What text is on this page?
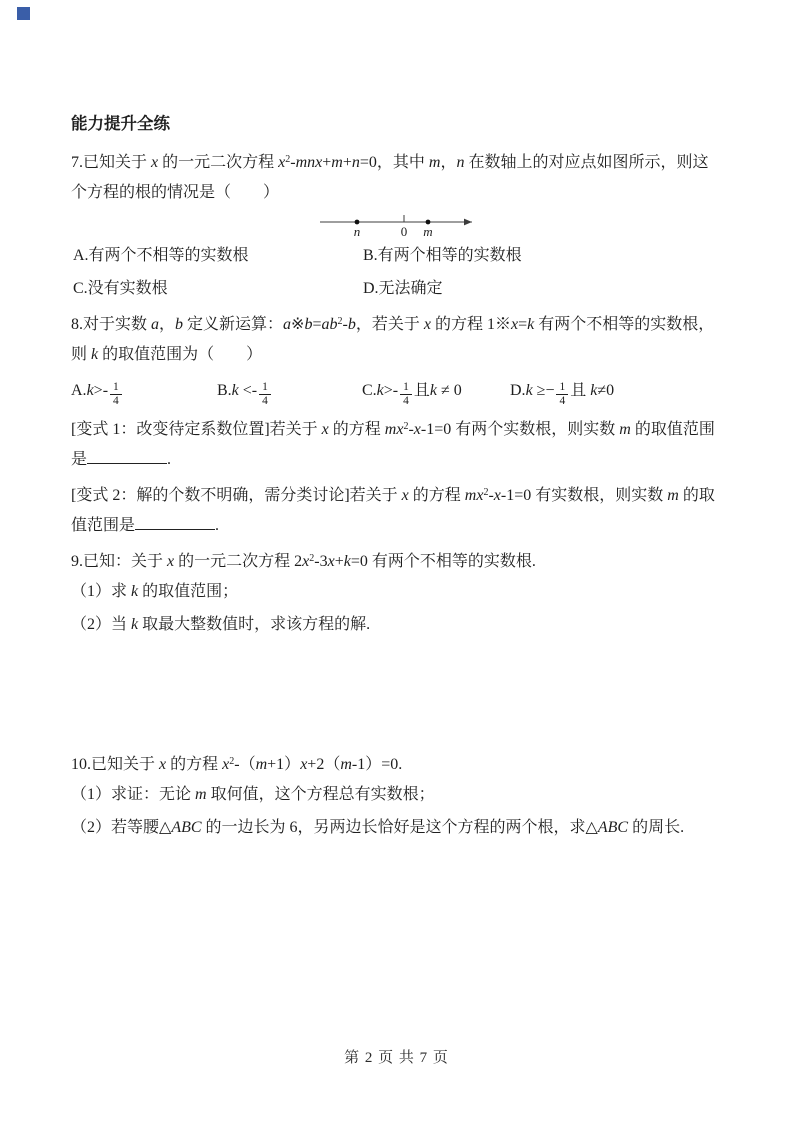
能力提升全练
7.已知关于 x 的一元二次方程 $x^2-mnx+m+n=0$，其中 m，n 在数轴上的对应点如图所示，则这
个方程的根的情况是（　　）
n	0 m
A.有两个不相等的实数根	B.有两个相等的实数根
C.没有实数根	D.无法确定
8.对于实数 a，b 定义新运算：$a※b=ab^2-b$，若关于 x 的方程 1※x=k 有两个不相等的实数根，
则 k 的取值范围为（　　）
$A.k>- \frac{1}{4}$	$B.k <- \frac{1}{4}$	$C.k>- \frac{1}{4}$ 且k ≠ 0	$D.k \ge- \frac{1}{4}$ 且 k≠0
[变式 1：改变待定系数位置]若关于 x 的方程 $mx^2-x-1=0$ 有两个实数根，则实数 m 的取值范围
是	.
[变式 2：解的个数不明确，需分类讨论]若关于 x 的方程 $mx^2-x-1=0$ 有实数根，则实数 m 的取
值范围是	.
9.已知：关于 x 的一元二次方程 $2x^2-3x+k=0$ 有两个不相等的实数根.
（1）求 k 的取值范围；
（2）当 k 取最大整数值时，求该方程的解.
10.已知关于 x 的方程 $x^2-(m+1)x+2(m-1)=0$.
（1）求证：无论 m 取何值，这个方程总有实数根；
（2）若等腰△ABC 的一边长为 6，另两边长恰好是这个方程的两个根，求△ABC 的周长.
第 2 页 共 7 页
